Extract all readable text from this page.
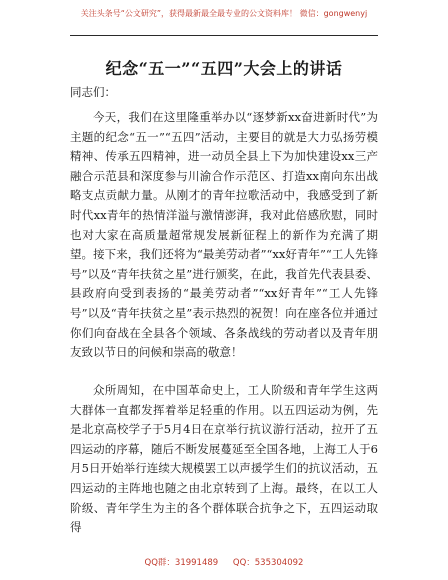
关注头条号“公文研究”，获得最新最全最专业的公文资料库！ 微信：gongwenyj
纪念“五一”“五四”大会上的讲话
同志们：

今天，我们在这里隆重举办以“逐梦新xx奋进新时代”为主题的纪念“五一”“五四”活动，主要目的就是大力弘扬劳模精神、传承五四精神，进一动员全县上下为加快建设xx三产融合示范县和深度参与川渝合作示范区、打造xx南向东出战略支点贡献力量。从刚才的青年拉歌活动中，我感受到了新时代xx青年的热情洋溢与激情澎湃，我对此倍感欣慰，同时也对大家在高质量超常规发展新征程上的新作为充满了期望。接下来，我们还将为“最美劳动者”“xx好青年”“工人先锋号”以及“青年扶贫之星”进行颁奖，在此，我首先代表县委、县政府向受到表扬的“最美劳动者”“xx好青年”“工人先锋号”以及“青年扶贫之星”表示热烈的祝贺！向在座各位并通过你们向奋战在全县各个领域、各条战线的劳动者以及青年朋友致以节日的问候和崇高的敬意！

众所周知，在中国革命史上，工人阶级和青年学生这两大群体一直都发挥着举足轻重的作用。以五四运动为例，先是北京高校学子于5月4日在京举行抗议游行活动，拉开了五四运动的序幕，随后不断发展蔓延至全国各地，上海工人于6月5日开始举行连续大规模罢工以声援学生们的抗议活动，五四运动的主阵地也随之由北京转到了上海。最终，在以工人阶级、青年学生为主的各个群体联合抗争之下，五四运动取得

QQ群：31991489 QQ：535304092
